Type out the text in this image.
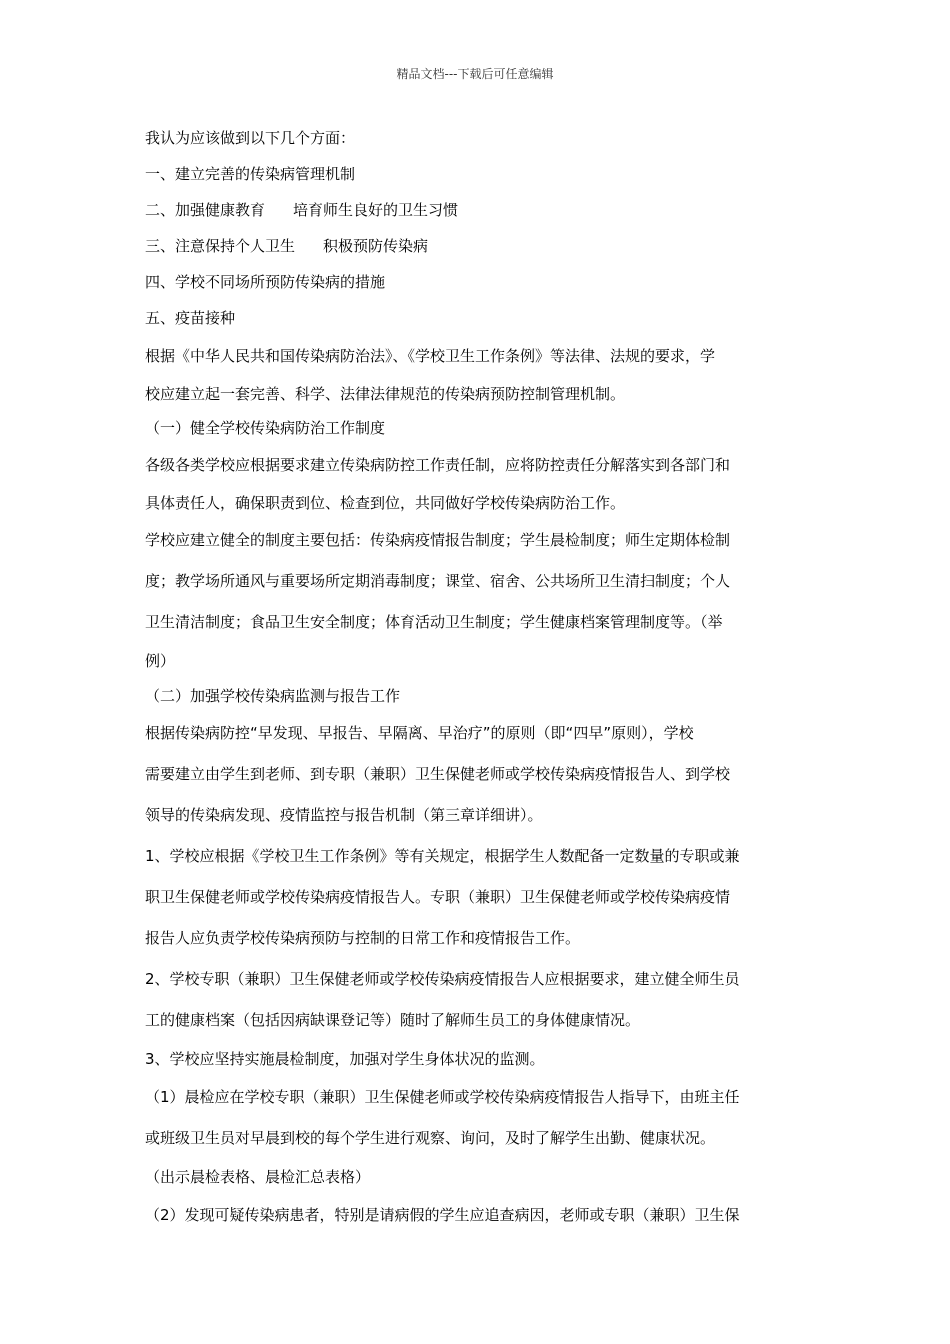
精品文档---下载后可任意编辑
我认为应该做到以下几个方面：
一、建立完善的传染病管理机制
二、加强健康教育 培育师生良好的卫生习惯
三、注意保持个人卫生 积极预防传染病
四、学校不同场所预防传染病的措施
五、疫苗接种
根据《中华人民共和国传染病防治法》、《学校卫生工作条例》等法律、法规的要求，学
校应建立起一套完善、科学、法律法律规范的传染病预防控制管理机制。
（一）健全学校传染病防治工作制度
各级各类学校应根据要求建立传染病防控工作责任制，应将防控责任分解落实到各部门和
具体责任人，确保职责到位、检查到位，共同做好学校传染病防治工作。
学校应建立健全的制度主要包括：传染病疫情报告制度；学生晨检制度；师生定期体检制
度；教学场所通风与重要场所定期消毒制度；课堂、宿舍、公共场所卫生清扫制度；个人
卫生清洁制度；食品卫生安全制度；体育活动卫生制度；学生健康档案管理制度等。（举
例）
（二）加强学校传染病监测与报告工作
根据传染病防控“早发现、早报告、早隔离、早治疗”的原则（即“四早”原则），学校
需要建立由学生到老师、到专职（兼职）卫生保健老师或学校传染病疫情报告人、到学校
领导的传染病发现、疫情监控与报告机制（第三章详细讲）。
1、学校应根据《学校卫生工作条例》等有关规定，根据学生人数配备一定数量的专职或兼
职卫生保健老师或学校传染病疫情报告人。专职（兼职）卫生保健老师或学校传染病疫情
报告人应负责学校传染病预防与控制的日常工作和疫情报告工作。
2、学校专职（兼职）卫生保健老师或学校传染病疫情报告人应根据要求，建立健全师生员
工的健康档案（包括因病缺课登记等）随时了解师生员工的身体健康情况。
3、学校应坚持实施晨检制度，加强对学生身体状况的监测。
（1）晨检应在学校专职（兼职）卫生保健老师或学校传染病疫情报告人指导下，由班主任
或班级卫生员对早晨到校的每个学生进行观察、询问，及时了解学生出勤、健康状况。
（出示晨检表格、晨检汇总表格）
（2）发现可疑传染病患者，特别是请病假的学生应追查病因，老师或专职（兼职）卫生保
